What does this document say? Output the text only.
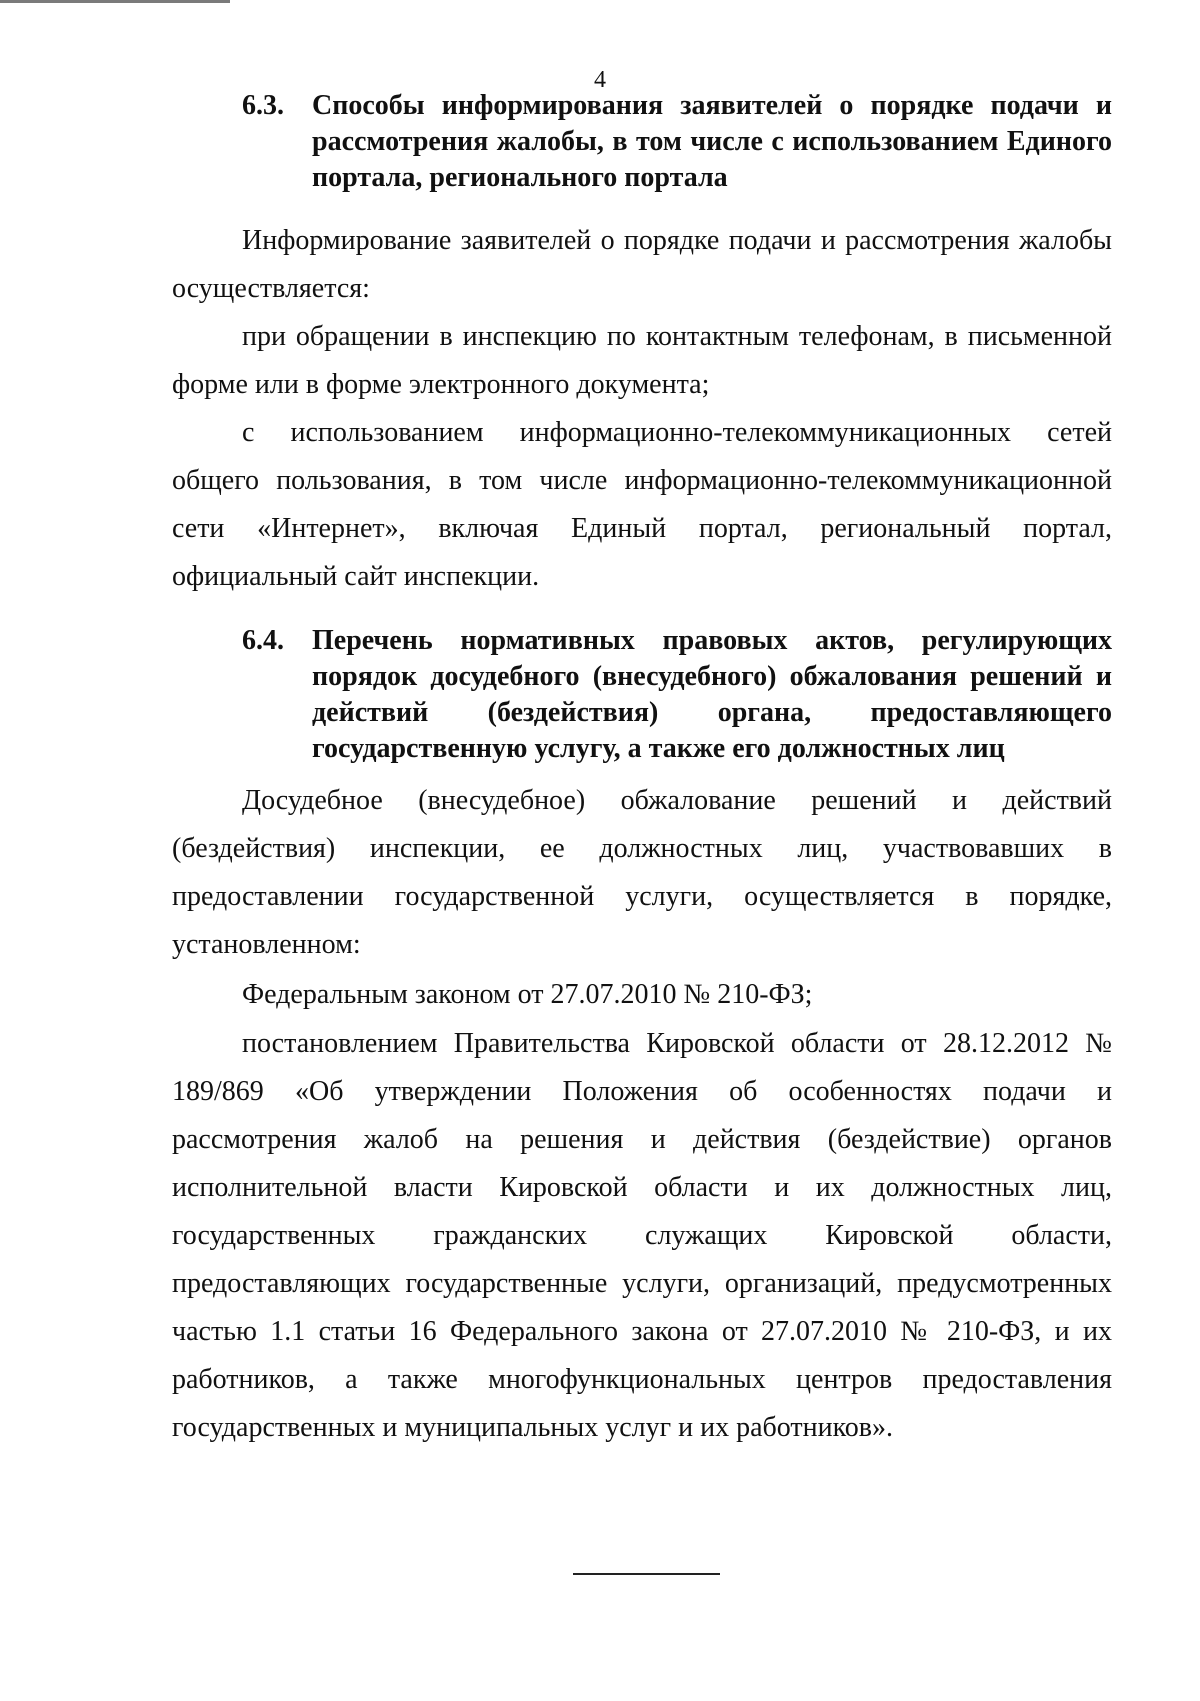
4
6.3. Способы информирования заявителей о порядке подачи и рассмотрения жалобы, в том числе с использованием Единого портала, регионального портала
Информирование заявителей о порядке подачи и рассмотрения жалобы осуществляется:
при обращении в инспекцию по контактным телефонам, в письменной форме или в форме электронного документа;
с использованием информационно-телекоммуникационных сетей общего пользования, в том числе информационно-телекоммуникационной сети «Интернет», включая Единый портал, региональный портал, официальный сайт инспекции.
6.4. Перечень нормативных правовых актов, регулирующих порядок досудебного (внесудебного) обжалования решений и действий (бездействия) органа, предоставляющего государственную услугу, а также его должностных лиц
Досудебное (внесудебное) обжалование решений и действий (бездействия) инспекции, ее должностных лиц, участвовавших в предоставлении государственной услуги, осуществляется в порядке, установленном:
Федеральным законом от 27.07.2010 № 210-ФЗ;
постановлением Правительства Кировской области от 28.12.2012 № 189/869 «Об утверждении Положения об особенностях подачи и рассмотрения жалоб на решения и действия (бездействие) органов исполнительной власти Кировской области и их должностных лиц, государственных гражданских служащих Кировской области, предоставляющих государственные услуги, организаций, предусмотренных частью 1.1 статьи 16 Федерального закона от 27.07.2010 № 210-ФЗ, и их работников, а также многофункциональных центров предоставления государственных и муниципальных услуг и их работников».
